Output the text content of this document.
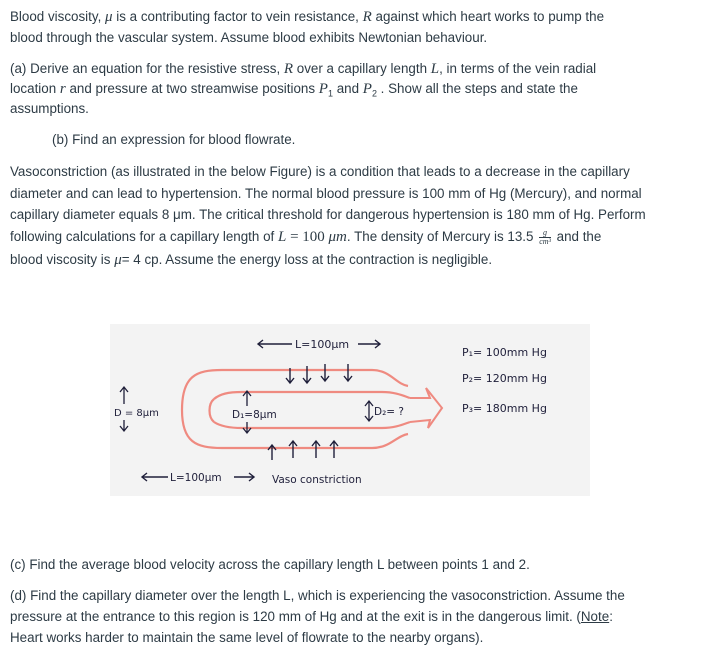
Blood viscosity, μ is a contributing factor to vein resistance, R against which heart works to pump the
blood through the vascular system. Assume blood exhibits Newtonian behaviour.
(a) Derive an equation for the resistive stress, R over a capillary length L, in terms of the vein radial
location r and pressure at two streamwise positions $P_1$ and $P_2$ . Show all the steps and state the
assumptions.
(b) Find an expression for blood flowrate.
Vasoconstriction (as illustrated in the below Figure) is a condition that leads to a decrease in the capillary
diameter and can lead to hypertension. The normal blood pressure is 100 mm of Hg (Mercury), and normal
capillary diameter equals 8 μm. The critical threshold for dangerous hypertension is 180 mm of Hg. Perform
following calculations for a capillary length of L = 100 μm. The density of Mercury is $13.5 \frac{g}{\text{cm³}}$ and the
blood viscosity is μ= 4 cp. Assume the energy loss at the contraction is negligible.
L=100μm
D₁=8μm
D = 8μm	D₂= ?
L=100μm	Vaso constriction
P₁= 100mm Hg
P₂= 120mm Hg
P₃= 180mm Hg
(c) Find the average blood velocity across the capillary length L between points 1 and 2.
(d) Find the capillary diameter over the length L, which is experiencing the vasoconstriction. Assume the
pressure at the entrance to this region is 120 mm of Hg and at the exit is in the dangerous limit. (Note:
Heart works harder to maintain the same level of flowrate to the nearby organs).
